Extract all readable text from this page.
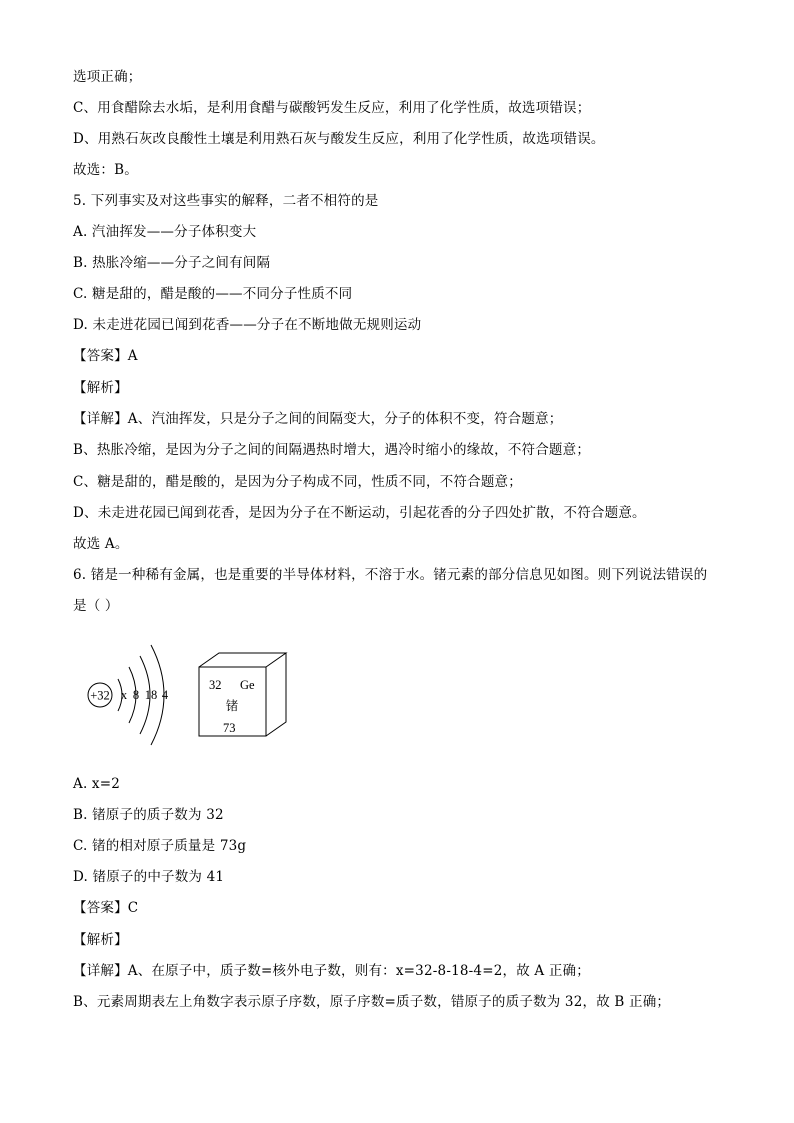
选项正确；
C、用食醋除去水垢，是利用食醋与碳酸钙发生反应，利用了化学性质，故选项错误；
D、用熟石灰改良酸性土壤是利用熟石灰与酸发生反应，利用了化学性质，故选项错误。
故选：B。
5. 下列事实及对这些事实的解释，二者不相符的是
A. 汽油挥发——分子体积变大
B. 热胀冷缩——分子之间有间隔
C. 糖是甜的，醋是酸的——不同分子性质不同
D. 未走进花园已闻到花香——分子在不断地做无规则运动
【答案】A
【解析】
【详解】A、汽油挥发，只是分子之间的间隔变大，分子的体积不变，符合题意；
B、热胀冷缩，是因为分子之间的间隔遇热时增大，遇冷时缩小的缘故，不符合题意；
C、糖是甜的，醋是酸的，是因为分子构成不同，性质不同，不符合题意；
D、未走进花园已闻到花香，是因为分子在不断运动，引起花香的分子四处扩散，不符合题意。
故选 A。
6. 锗是一种稀有金属，也是重要的半导体材料，不溶于水。锗元素的部分信息见如图。则下列说法错误的
是（ ）
+32 x 8 18 4
32 Ge
锗
73
A. x=2
B. 锗原子的质子数为 32
C. 锗的相对原子质量是 73g
D. 锗原子的中子数为 41
【答案】C
【解析】
【详解】A、在原子中，质子数=核外电子数，则有：x=32-8-18-4=2，故 A 正确；
B、元素周期表左上角数字表示原子序数，原子序数=质子数，错原子的质子数为 32，故 B 正确；
